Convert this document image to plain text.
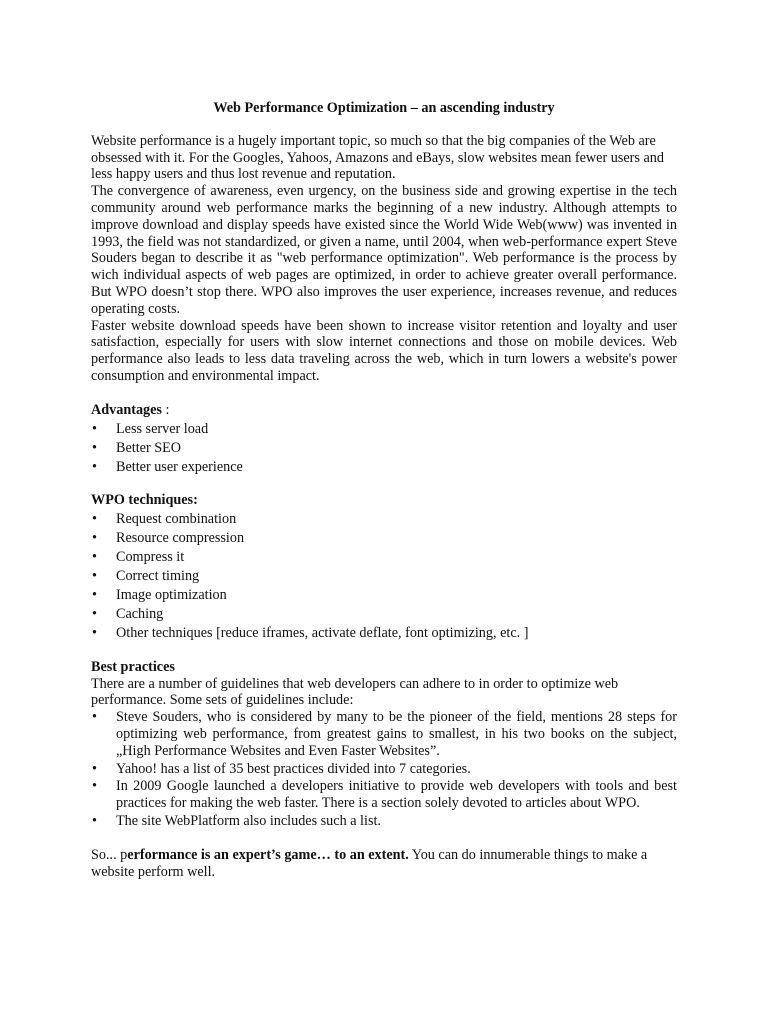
Web Performance Optimization – an ascending industry

Website performance is a hugely important topic, so much so that the big companies of the Web are obsessed with it. For the Googles, Yahoos, Amazons and eBays, slow websites mean fewer users and less happy users and thus lost revenue and reputation.

The convergence of awareness, even urgency, on the business side and growing expertise in the tech community around web performance marks the beginning of a new industry. Although attempts to improve download and display speeds have existed since the World Wide Web(www) was invented in 1993, the field was not standardized, or given a name, until 2004, when web-performance expert Steve Souders began to describe it as "web performance optimization". Web performance is the process by wich individual aspects of web pages are optimized, in order to achieve greater overall performance. But WPO doesn’t stop there. WPO also improves the user experience, increases revenue, and reduces operating costs.

Faster website download speeds have been shown to increase visitor retention and loyalty and user satisfaction, especially for users with slow internet connections and those on mobile devices. Web performance also leads to less data traveling across the web, which in turn lowers a website's power consumption and environmental impact.

Advantages :
• Less server load
• Better SEO
• Better user experience
WPO techniques:
• Request combination
• Resource compression
• Compress it
• Correct timing
• Image optimization
• Caching
• Other techniques [reduce iframes, activate deflate, font optimizing, etc. ]
Best practices

There are a number of guidelines that web developers can adhere to in order to optimize web performance. Some sets of guidelines include:

• Steve Souders, who is considered by many to be the pioneer of the field, mentions 28 steps for optimizing web performance, from greatest gains to smallest, in his two books on the subject, „High Performance Websites and Even Faster Websites”.
• Yahoo! has a list of 35 best practices divided into 7 categories.
• In 2009 Google launched a developers initiative to provide web developers with tools and best practices for making the web faster. There is a section solely devoted to articles about WPO.
• The site WebPlatform also includes such a list.

So... performance is an expert’s game… to an extent. You can do innumerable things to make a website perform well.
